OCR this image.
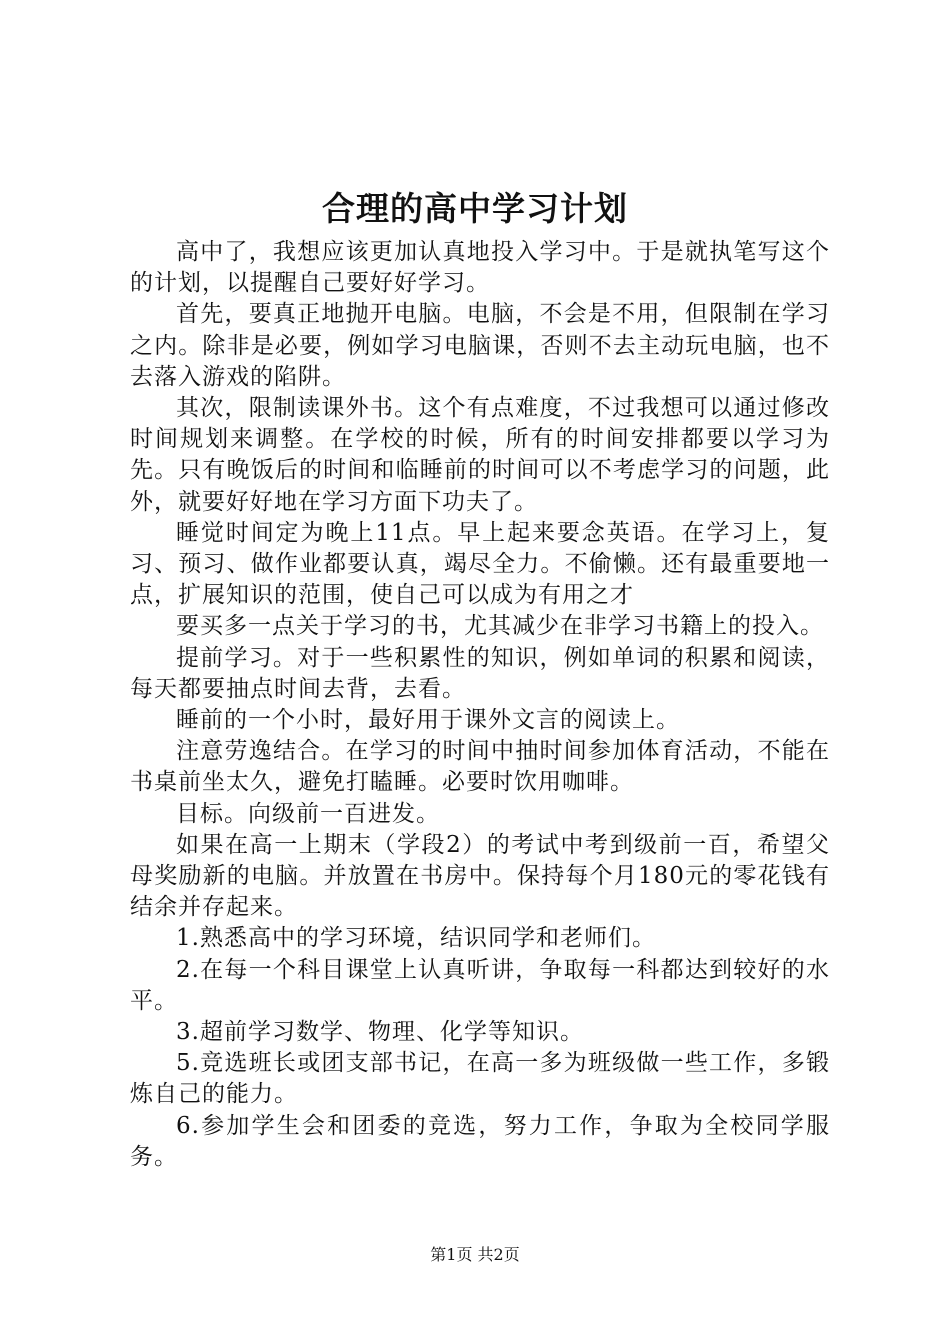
合理的高中学习计划

高中了，我想应该更加认真地投入学习中。于是就执笔写这个的计划，以提醒自己要好好学习。

首先，要真正地抛开电脑。电脑，不会是不用，但限制在学习之内。除非是必要，例如学习电脑课，否则不去主动玩电脑，也不去落入游戏的陷阱。

其次，限制读课外书。这个有点难度，不过我想可以通过修改时间规划来调整。在学校的时候，所有的时间安排都要以学习为先。只有晚饭后的时间和临睡前的时间可以不考虑学习的问题，此外，就要好好地在学习方面下功夫了。

睡觉时间定为晚上11点。早上起来要念英语。在学习上，复习、预习、做作业都要认真，竭尽全力。不偷懒。还有最重要地一点，扩展知识的范围，使自己可以成为有用之才

要买多一点关于学习的书，尤其减少在非学习书籍上的投入。

提前学习。对于一些积累性的知识，例如单词的积累和阅读，每天都要抽点时间去背，去看。

睡前的一个小时，最好用于课外文言的阅读上。

注意劳逸结合。在学习的时间中抽时间参加体育活动，不能在书桌前坐太久，避免打瞌睡。必要时饮用咖啡。

目标。向级前一百进发。

如果在高一上期末（学段2）的考试中考到级前一百，希望父母奖励新的电脑。并放置在书房中。保持每个月180元的零花钱有结余并存起来。

1.熟悉高中的学习环境，结识同学和老师们。

2.在每一个科目课堂上认真听讲，争取每一科都达到较好的水平。

3.超前学习数学、物理、化学等知识。

5.竞选班长或团支部书记，在高一多为班级做一些工作，多锻炼自己的能力。

6.参加学生会和团委的竞选，努力工作，争取为全校同学服务。

第1页 共2页
